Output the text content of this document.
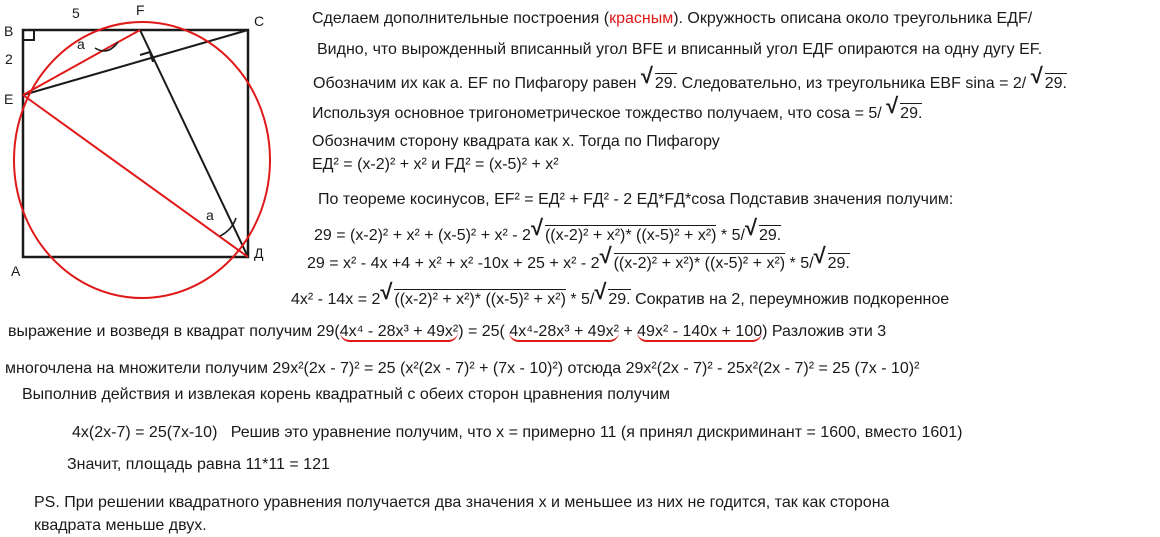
B
2
5	F
C
E
A
Д
a
a
Сделаем дополнительные построения (красным). Окружность описана около треугольника ЕДF/
Видно, что вырожденный вписанный угол BFE и вписанный угол ЕДF опираются на одну дугу EF.
Обозначим их как а. EF по Пифагору равен √ 29. Следовательно, из треугольника EBF sina = 2/ √ 29.
Используя основное тригонометрическое тождество получаем, что cosa = 5/ √ 29.
Обозначим сторону квадрата как х. Тогда по Пифагору
ЕД² = (х-2)² + х² и FД² = (х-5)² + х²
По теореме косинусов, EF² = ЕД² + FД² - 2 ЕД*FД*cosa Подставив значения получим:
29 = (x-2)² + x² + (x-5)² + x² - 2 √ ((x-2)² + x²)* ((x-5)² + x²) * 5/ √ 29.
29 = x² - 4x +4 + x² + x² -10x + 25 + x² - 2 √ ((x-2)² + x²)* ((x-5)² + x²) * 5/ √ 29.
4x² - 14x = 2 √ ((x-2)² + x²)* ((x-5)² + x²) * 5/ √ 29. Сократив на 2, переумножив подкоренное
выражение и возведя в квадрат получим 29(4x⁴ - 28x³ + 49x²) = 25( 4x⁴-28x³ + 49x² + 49x² - 140x + 100) Разложив эти 3
многочлена на множители получим 29x²(2x - 7)² = 25 (x²(2x - 7)² + (7x - 10)²) отсюда 29x²(2x - 7)² - 25x²(2x - 7)² = 25 (7x - 10)²
Выполнив действия и извлекая корень квадратный с обеих сторон цравнения получим
4x(2x-7) = 25(7x-10) Решив это уравнение получим, что x = примерно 11 (я принял дискриминант = 1600, вместо 1601)
Значит, площадь равна 11*11 = 121
PS. При решении квадратного уравнения получается два значения х и меньшее из них не годится, так как сторона
квадрата меньше двух.
